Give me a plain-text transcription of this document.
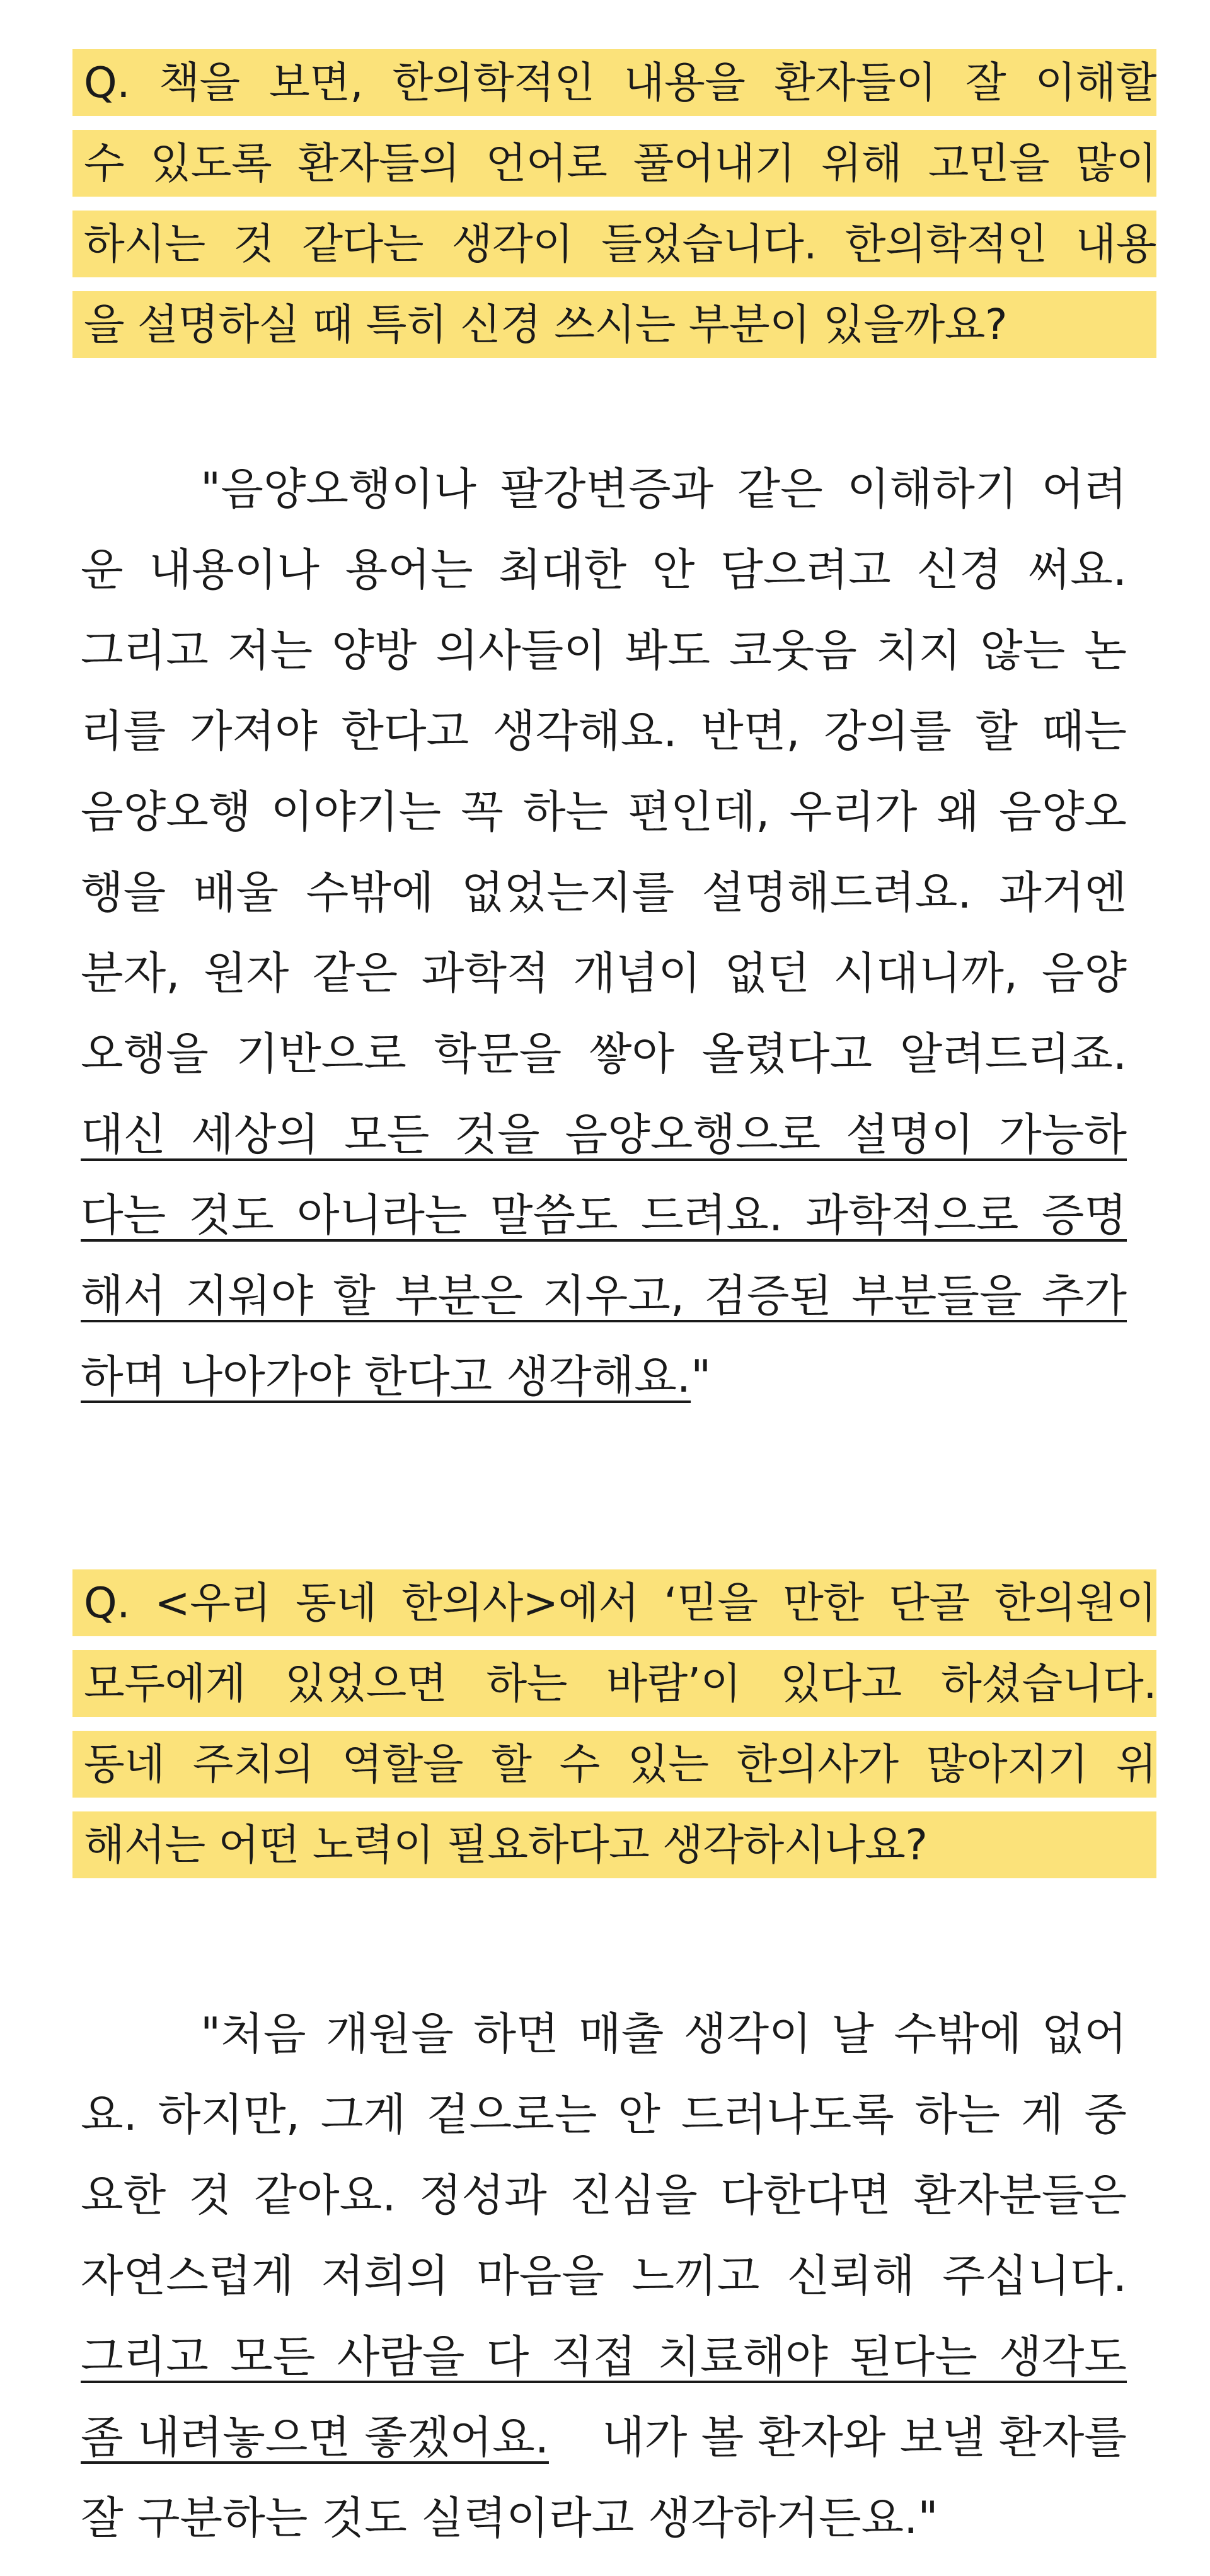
Q. 책을 보면, 한의학적인 내용을 환자들이 잘 이해할
수 있도록 환자들의 언어로 풀어내기 위해 고민을 많이
하시는 것 같다는 생각이 들었습니다. 한의학적인 내용
을 설명하실 때 특히 신경 쓰시는 부분이 있을까요?
"음양오행이나 팔강변증과 같은 이해하기 어려
운 내용이나 용어는 최대한 안 담으려고 신경 써요.
그리고 저는 양방 의사들이 봐도 코웃음 치지 않는 논
리를 가져야 한다고 생각해요. 반면, 강의를 할 때는
음양오행 이야기는 꼭 하는 편인데, 우리가 왜 음양오
행을 배울 수밖에 없었는지를 설명해드려요. 과거엔
분자, 원자 같은 과학적 개념이 없던 시대니까, 음양
오행을 기반으로 학문을 쌓아 올렸다고 알려드리죠.
대신 세상의 모든 것을 음양오행으로 설명이 가능하
다는 것도 아니라는 말씀도 드려요. 과학적으로 증명
해서 지워야 할 부분은 지우고, 검증된 부분들을 추가
하며 나아가야 한다고 생각해요. "
Q. <우리 동네 한의사>에서 ‘믿을 만한 단골 한의원이
모두에게 있었으면 하는 바람’이 있다고 하셨습니다.
동네 주치의 역할을 할 수 있는 한의사가 많아지기 위
해서는 어떤 노력이 필요하다고 생각하시나요?
"처음 개원을 하면 매출 생각이 날 수밖에 없어
요. 하지만, 그게 겉으로는 안 드러나도록 하는 게 중
요한 것 같아요. 정성과 진심을 다한다면 환자분들은
자연스럽게 저희의 마음을 느끼고 신뢰해 주십니다.
그리고 모든 사람을 다 직접 치료해야 된다는 생각도
좀 내려놓으면 좋겠어요. 내가 볼 환자와 보낼 환자를
잘 구분하는 것도 실력이라고 생각하거든요."
